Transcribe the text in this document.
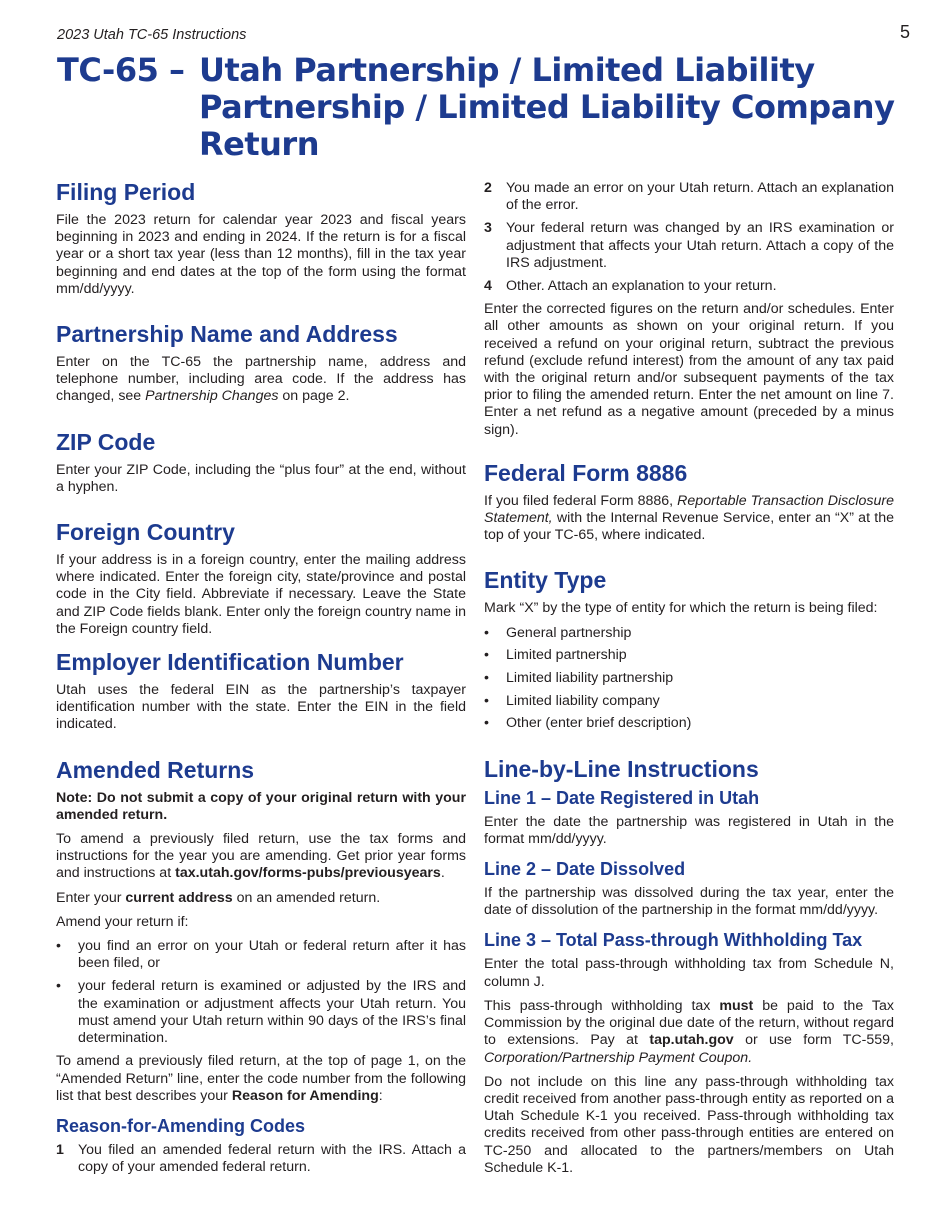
2023 Utah TC-65 Instructions	5
TC-65 – Utah Partnership / Limited Liability
Partnership / Limited Liability Company
Return
Filing Period

File the 2023 return for calendar year 2023 and fiscal years beginning in 2023 and ending in 2024. If the return is for a fiscal year or a short tax year (less than 12 months), fill in the tax year beginning and end dates at the top of the form using the format mm/dd/yyyy.

Partnership Name and Address

Enter on the TC-65 the partnership name, address and telephone number, including area code. If the address has changed, see Partnership Changes on page 2.

ZIP Code

Enter your ZIP Code, including the “plus four” at the end, without a hyphen.

Foreign Country

If your address is in a foreign country, enter the mailing address where indicated. Enter the foreign city, state/province and postal code in the City field. Abbreviate if necessary. Leave the State and ZIP Code fields blank. Enter only the foreign country name in the Foreign country field.

Employer Identification Number

Utah uses the federal EIN as the partnership’s taxpayer identification number with the state. Enter the EIN in the field indicated.

Amended Returns

Note: Do not submit a copy of your original return with your amended return.

To amend a previously filed return, use the tax forms and instructions for the year you are amending. Get prior year forms and instructions at tax.utah.gov/forms-pubs/previousyears.

Enter your current address on an amended return.

Amend your return if:

•	you find an error on your Utah or federal return after it has been filed, or
•	your federal return is examined or adjusted by the IRS and the examination or adjustment affects your Utah return. You must amend your Utah return within 90 days of the IRS’s final determination.

To amend a previously filed return, at the top of page 1, on the “Amended Return” line, enter the code number from the following list that best describes your Reason for Amending:

Reason-for-Amending Codes
1 You filed an amended federal return with the IRS. Attach a copy of your amended federal return.
2 You made an error on your Utah return. Attach an explanation of the error.
3 Your federal return was changed by an IRS examination or adjustment that affects your Utah return. Attach a copy of the IRS adjustment.
4 Other. Attach an explanation to your return.

Enter the corrected figures on the return and/or schedules. Enter all other amounts as shown on your original return. If you received a refund on your original return, subtract the previous refund (exclude refund interest) from the amount of any tax paid with the original return and/or subsequent payments of the tax prior to filing the amended return. Enter the net amount on line 7. Enter a net refund as a negative amount (preceded by a minus sign).

Federal Form 8886

If you filed federal Form 8886, Reportable Transaction Disclosure Statement, with the Internal Revenue Service, enter an “X” at the top of your TC-65, where indicated.

Entity Type

Mark “X” by the type of entity for which the return is being filed:

•	General partnership
•	Limited partnership
•	Limited liability partnership
•	Limited liability company
•	Other (enter brief description)
Line-by-Line Instructions
Line 1 – Date Registered in Utah

Enter the date the partnership was registered in Utah in the format mm/dd/yyyy.

Line 2 – Date Dissolved

If the partnership was dissolved during the tax year, enter the date of dissolution of the partnership in the format mm/dd/yyyy.

Line 3 – Total Pass-through Withholding Tax

Enter the total pass-through withholding tax from Schedule N, column J.

This pass-through withholding tax must be paid to the Tax Commission by the original due date of the return, without regard to extensions. Pay at tap.utah.gov or use form TC-559, Corporation/Partnership Payment Coupon.

Do not include on this line any pass-through withholding tax credit received from another pass-through entity as reported on a Utah Schedule K-1 you received. Pass-through withholding tax credits received from other pass-through entities are entered on TC-250 and allocated to the partners/members on Utah Schedule K-1.
